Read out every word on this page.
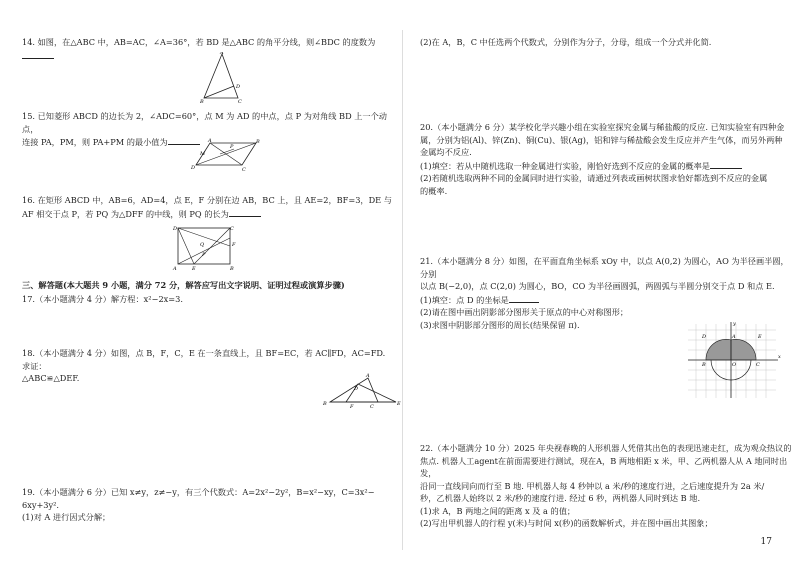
14. 如图，在△ABC 中，AB=AC，∠A=36°，若 BD 是△ABC 的角平分线，则∠BDC 的度数为

A
B	C
D

15. 已知菱形 ABCD 的边长为 2，∠ADC=60°，点 M 为 AD 的中点，点 P 为对角线 BD 上一个动点，

连接 PA，PM，则 PA+PM 的最小值为	A	B
C
D
P
M

16. 在矩形 ABCD 中，AB=6，AD=4，点 E，F 分别在边 AB，BC 上，且 AE=2，BF=3，DE 与

AF 相交于点 P，若 PQ 为△DFF 的中线，则 PQ 的长为

D	C
A	B
E
F
Q
P

三、解答题(本大题共 9 小题，满分 72 分，解答应写出文字说明、证明过程或演算步骤)

17.（本小题满分 4 分）解方程：x²−2x=3.

18.（本小题满分 4 分）如图，点 B，F，C，E 在一条直线上，且 BF=EC，若 AC∥FD，AC=FD. 求证：

△ABC≌△DEF.

B	E
A
C
F
D

19.（本小题满分 6 分）已知 x≠y，z≠−y，有三个代数式：A=2x²−2y²，B=x²−xy，C=3x²−

6xy+3y².

(1)对 A 进行因式分解；

(2)在 A，B，C 中任选两个代数式，分别作为分子，分母，组成一个分式并化简.

20.（本小题满分 6 分）某学校化学兴趣小组在实验室探究金属与稀盐酸的反应. 已知实验室有四种金

属，分别为铝(Al)、锌(Zn)、铜(Cu)、银(Ag)，铝和锌与稀盐酸会发生反应并产生气体，而另外两种

金属均不反应.

(1)填空：若从中随机选取一种金属进行实验，刚恰好选到不反应的金属的概率是

(2)若随机选取两种不同的金属同时进行实验，请通过列表或画树状图求恰好都选到不反应的金属

的概率.

21.（本小题满分 8 分）如图，在平面直角坐标系 xOy 中，以点 A(0,2) 为圆心，AO 为半径画半圆，分别

以点 B(−2,0)，点 C(2,0) 为圆心，BO，CO 为半径画圆弧，两圆弧与半圆分别交于点 D 和点 E.

(1)填空：点 D 的坐标是

(2)请在图中画出阴影部分图形关于原点的中心对称图形；

(3)求图中阴影部分图形的周长(结果保留 π).

x
y
O
A
B	C
D	E

22.（本小题满分 10 分）2025 年央视春晚的人形机器人凭借其出色的表现迅速走红，成为观众热议的

焦点. 机器人工agent在前面需要进行测试，现在A，B 两地相距 x 米，甲、乙两机器人从 A 地同时出发，

沿同一直线同向而行至 B 地. 甲机器人每 4 秒钟以 a 米/秒的速度行进，之后速度提升为 2a 米/

秒，乙机器人始终以 2 米/秒的速度行进. 经过 6 秒，两机器人同时到达 B 地.

(1)求 A，B 两地之间的距离 x 及 a 的值；

(2)写出甲机器人的行程 y(米)与时间 x(秒)的函数解析式，并在图中画出其图象；

17
